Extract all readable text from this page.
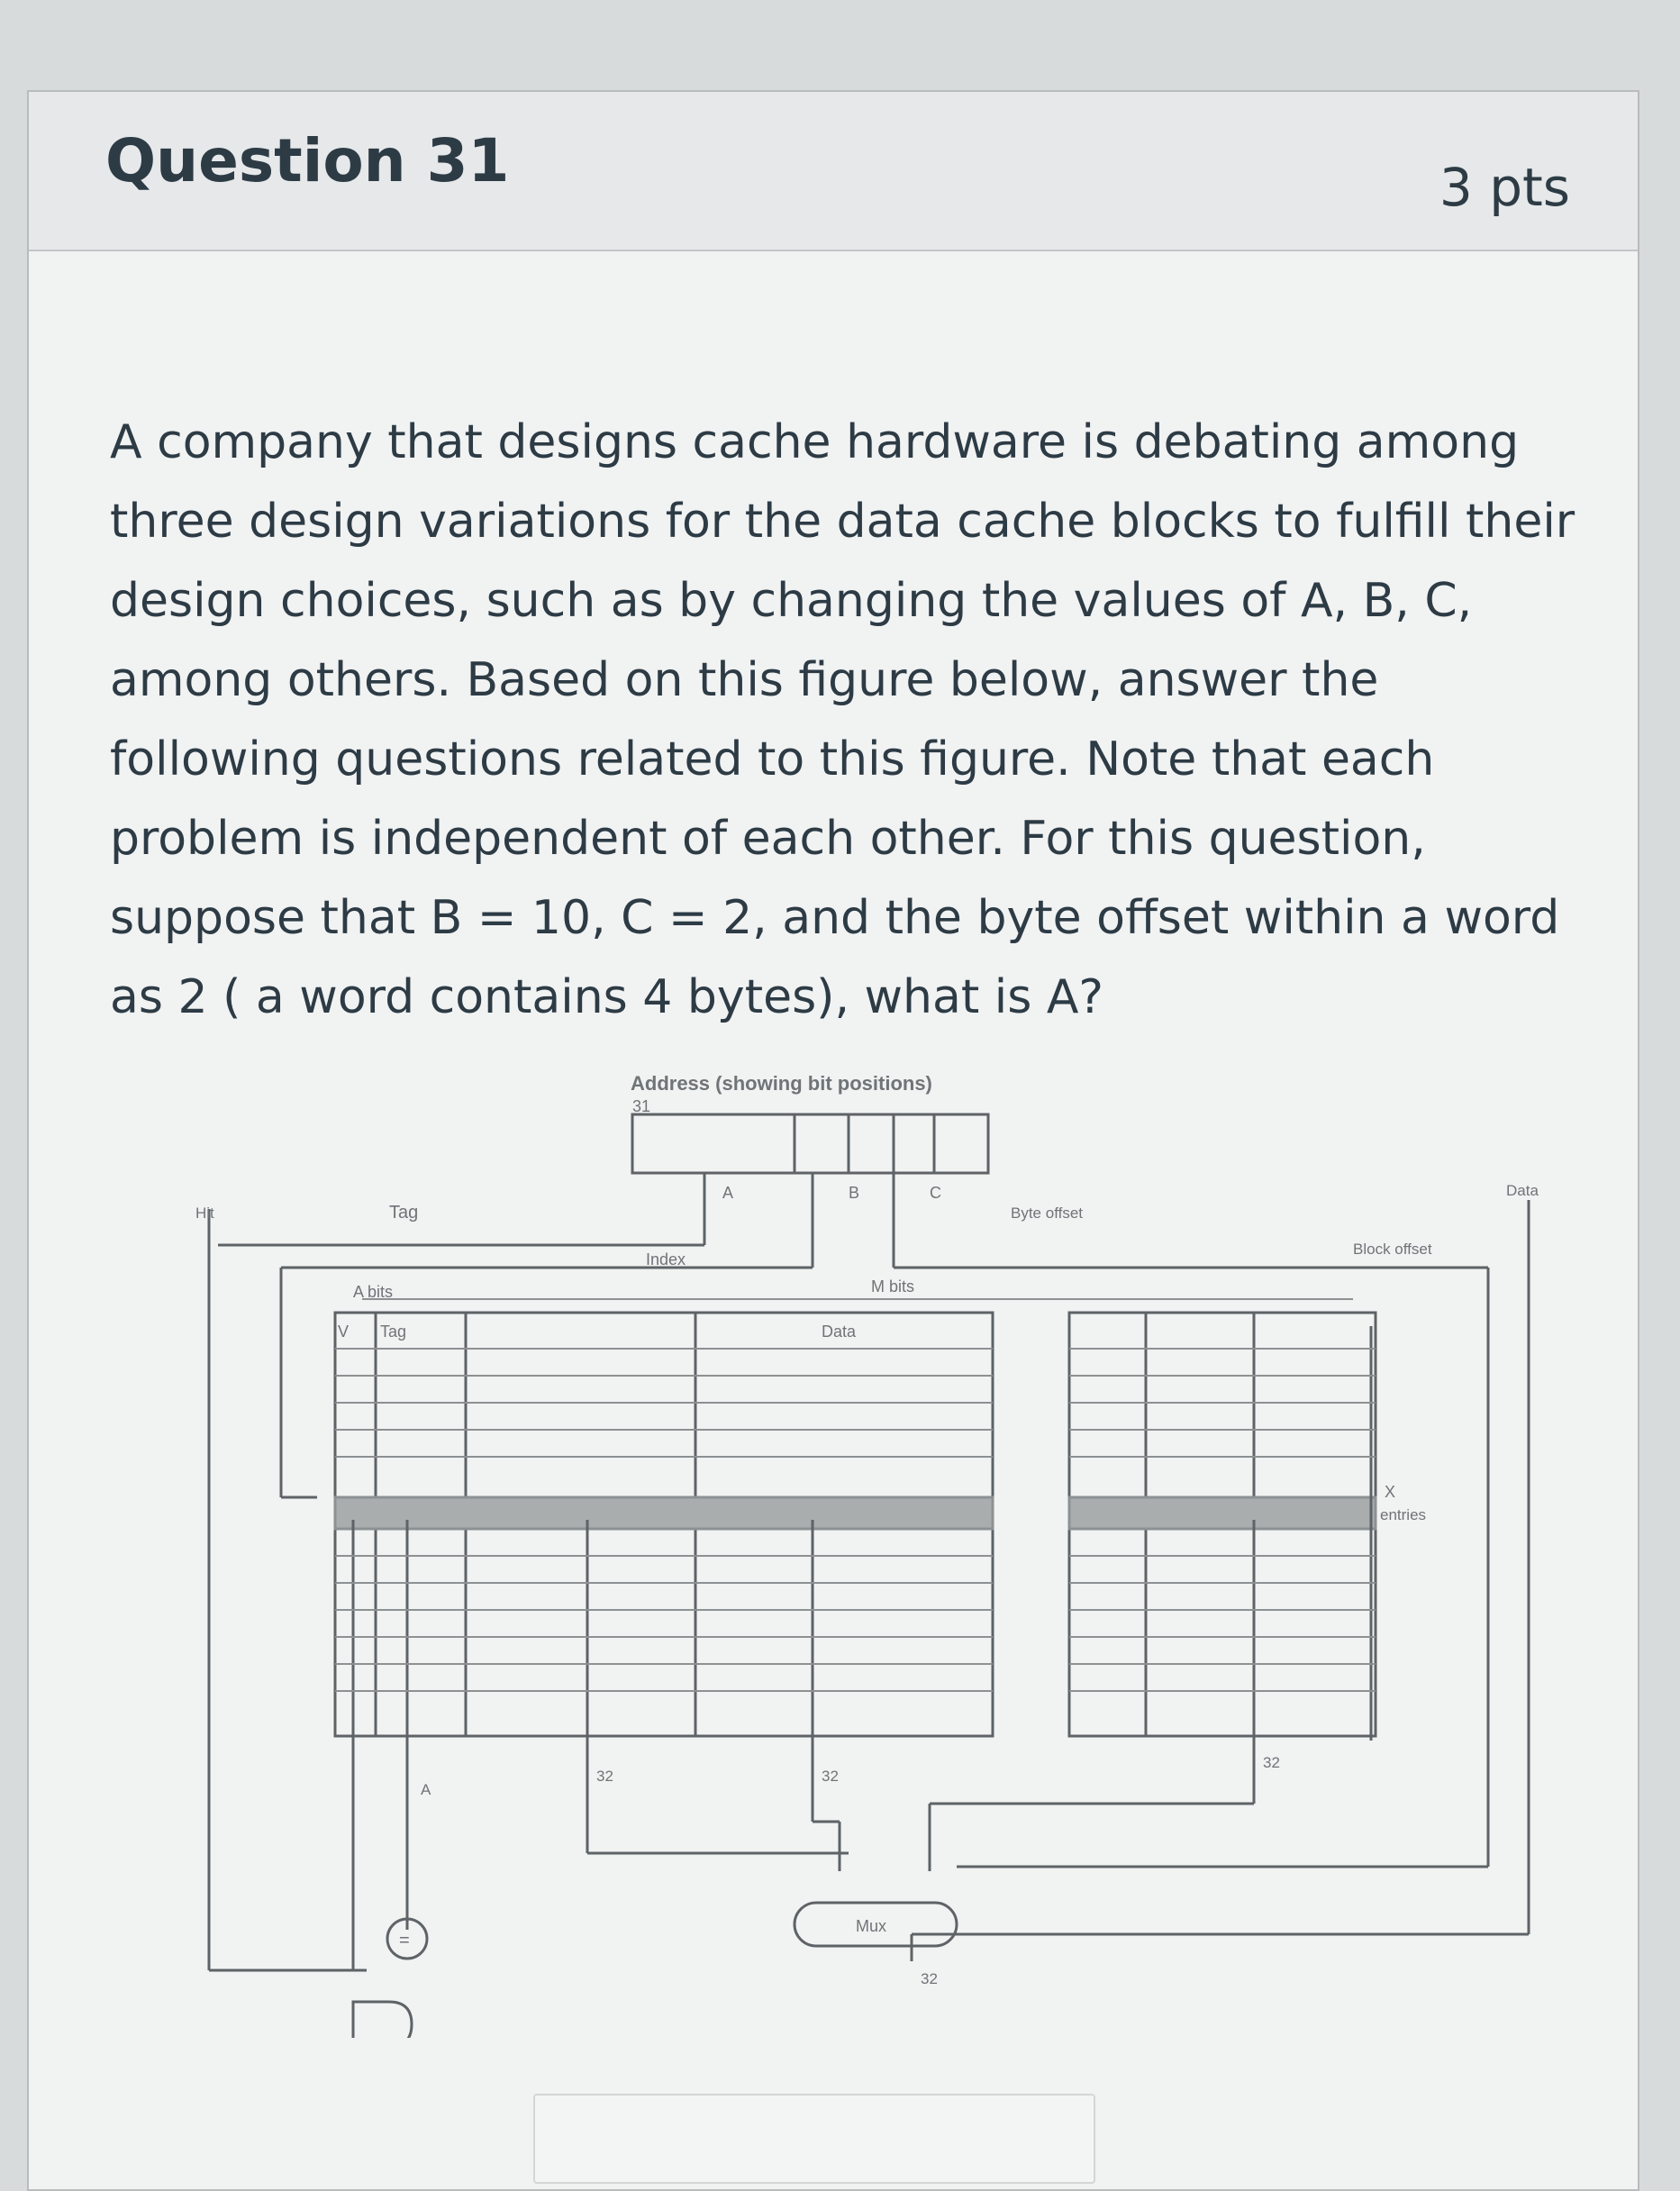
Question 31	3 pts

A company that designs cache hardware is debating among three design variations for the data cache blocks to fulfill their design choices, such as by changing the values of A, B, C, among others. Based on this figure below, answer the following questions related to this figure. Note that each problem is independent of each other. For this question, suppose that B = 10, C = 2, and the byte offset within a word as 2 ( a word contains 4 bytes), what is A?

Address (showing bit positions)
31
A	B	C
Byte offset
Hit	Tag
Index
Data
Block offset
M bits
A bits
V Tag	Data
X
entries
32	32
32
32
A
Mux
=
